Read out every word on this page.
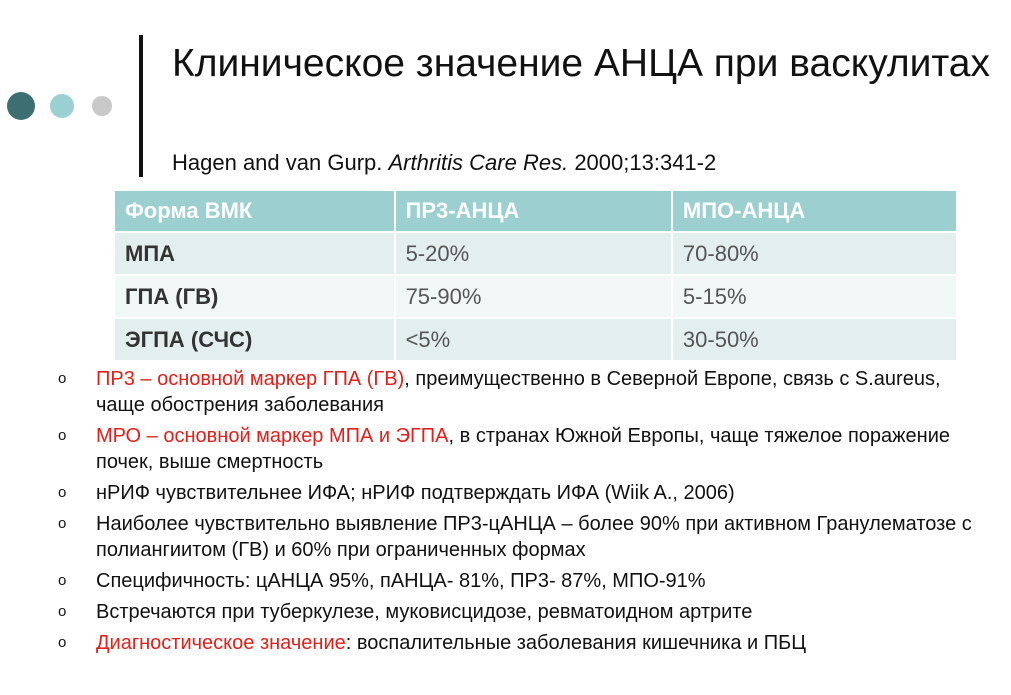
Клиническое значение АНЦА при васкулитах
Hagen and van Gurp. Arthritis Care Res. 2000;13:341-2
Форма ВМК	ПР3-АНЦА	МПО-АНЦА
МПА	5-20%	70-80%
ГПА (ГВ)	75-90%	5-15%
ЭГПА (СЧС)	<5%	30-50%
o ПР3 – основной маркер ГПА (ГВ), преимущественно в Северной Европе, связь с S.aureus, чаще обострения заболевания
o МРО – основной маркер МПА и ЭГПА, в странах Южной Европы, чаще тяжелое поражение почек, выше смертность
o нРИФ чувствительнее ИФА; нРИФ подтверждать ИФА (Wiik A., 2006)
o Наиболее чувствительно выявление ПР3-цАНЦА – более 90% при активном Гранулематозе с полиангиитом (ГВ) и 60% при ограниченных формах
o Специфичность: цАНЦА 95%, пАНЦА- 81%, ПР3- 87%, МПО-91%
o Встречаются при туберкулезе, муковисцидозе, ревматоидном артрите
o Диагностическое значение: воспалительные заболевания кишечника и ПБЦ
